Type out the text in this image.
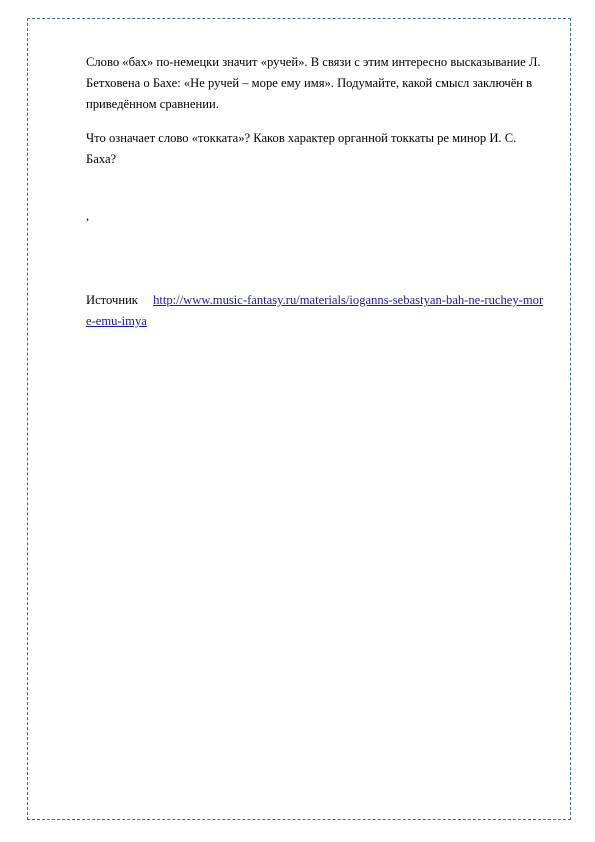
Слово «бах» по-немецки значит «ручей». В связи с этим интересно высказывание Л. Бетховена о Бахе: «Не ручей – море ему имя». Подумайте, какой смысл заключён в приведённом сравнении.

Что означает слово «токката»? Каков характер органной токкаты ре минор И. С. Баха?

,

Источник http://www.music-fantasy.ru/materials/ioganns-sebastyan-bah-ne-ruchey-more-emu-imya
